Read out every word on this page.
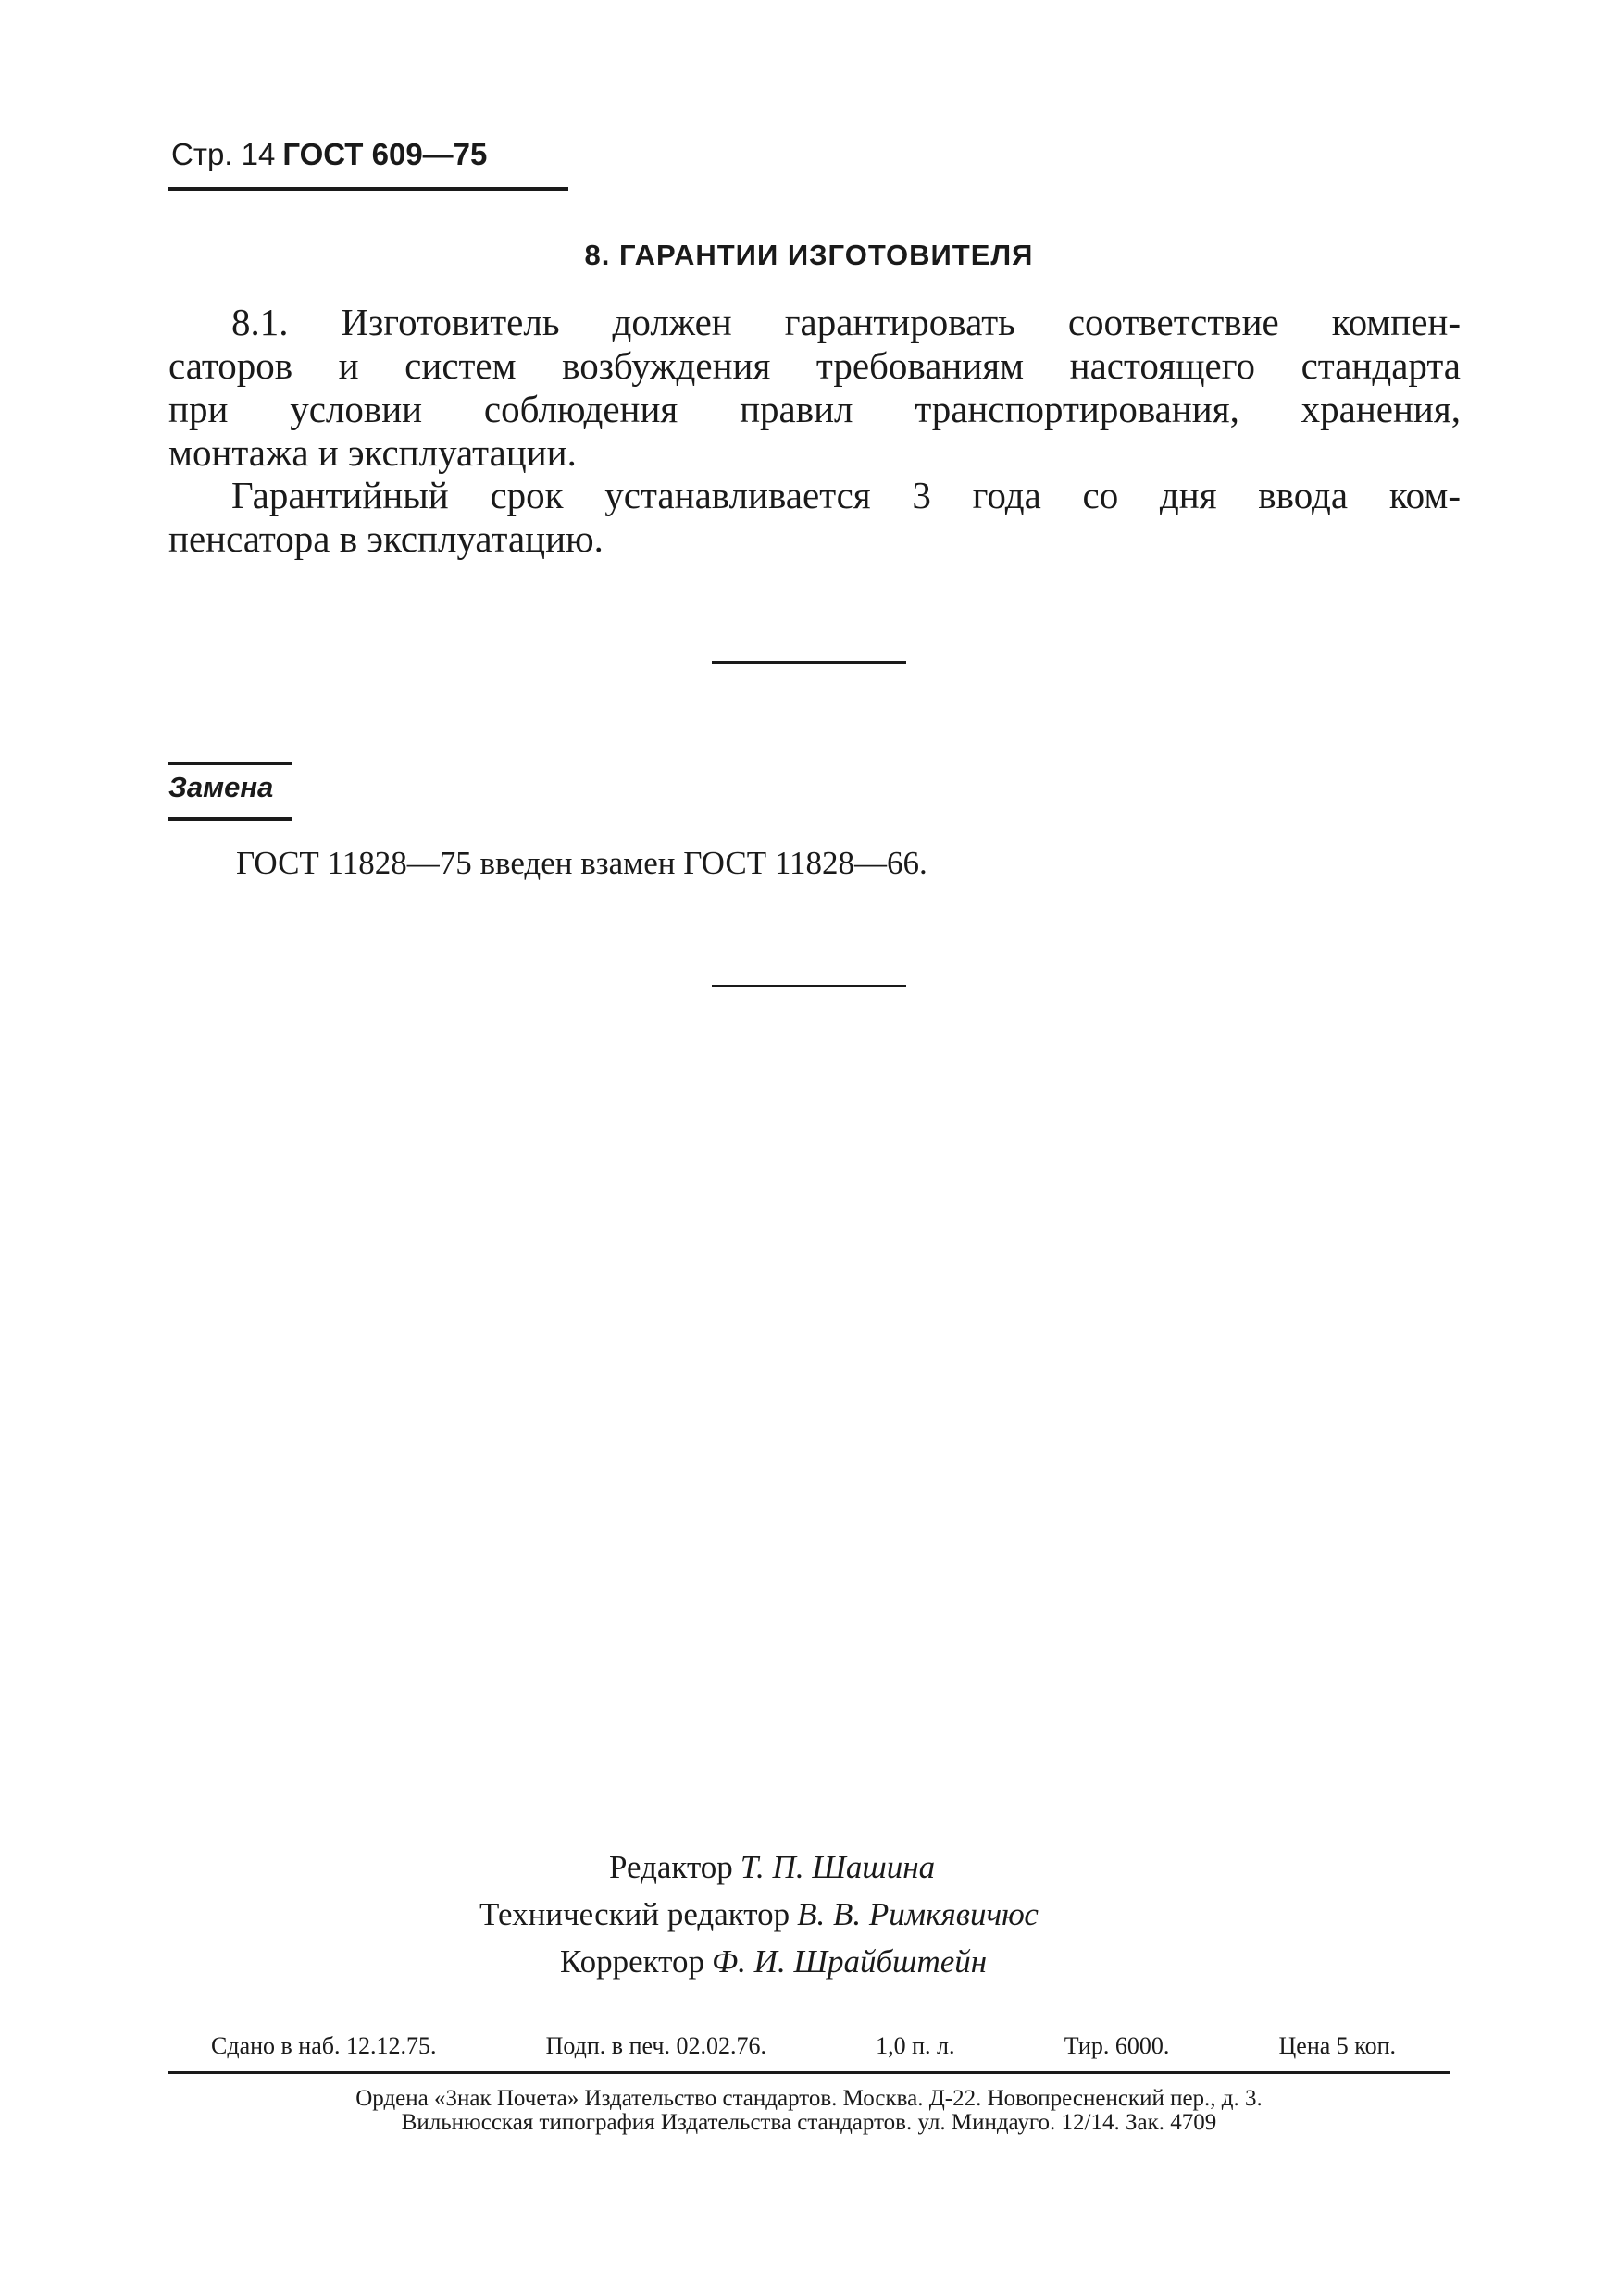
Стр. 14 ГОСТ 609—75
8. ГАРАНТИИ ИЗГОТОВИТЕЛЯ
8.1. Изготовитель должен гарантировать соответствие компен-
саторов и систем возбуждения требованиям настоящего стандарта
при условии соблюдения правил транспортирования, хранения,
монтажа и эксплуатации.
Гарантийный срок устанавливается 3 года со дня ввода ком-
пенсатора в эксплуатацию.
Замена
ГОСТ 11828—75 введен взамен ГОСТ 11828—66.
Редактор Т. П. Шашина
Технический редактор В. В. Римкявичюс
Корректор Ф. И. Шрайбштейн
Сдано в наб. 12.12.75.	Подп. в печ. 02.02.76.	1,0 п. л.	Тир. 6000.	Цена 5 коп.
Ордена «Знак Почета» Издательство стандартов. Москва. Д-22. Новопресненский пер., д. 3.
Вильнюсская типография Издательства стандартов. ул. Миндауго. 12/14. Зак. 4709
